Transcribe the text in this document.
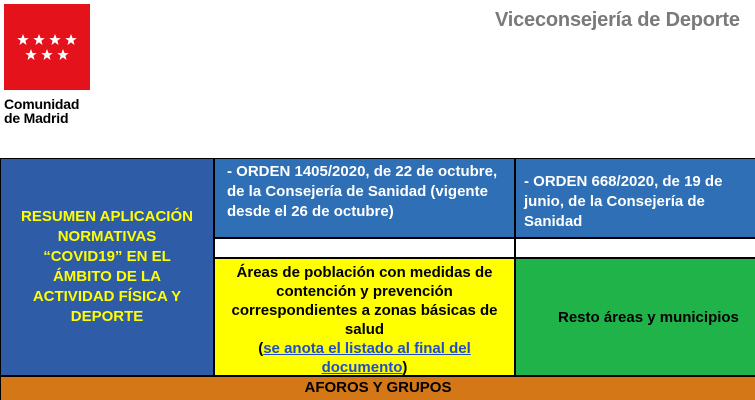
Comunidad
de Madrid
Viceconsejería de Deporte
RESUMEN APLICACIÓN
NORMATIVAS
“COVID19” EN EL
ÁMBITO DE LA
ACTIVIDAD FÍSICA Y
DEPORTE
- ORDEN 1405/2020, de 22 de octubre, de la Consejería de Sanidad (vigente desde el 26 de octubre)
- ORDEN 668/2020, de 19 de junio, de la Consejería de Sanidad
Áreas de población con medidas de contención y prevención correspondientes a zonas básicas de salud
(se anota el listado al final del documento)
Resto áreas y municipios
AFOROS Y GRUPOS
